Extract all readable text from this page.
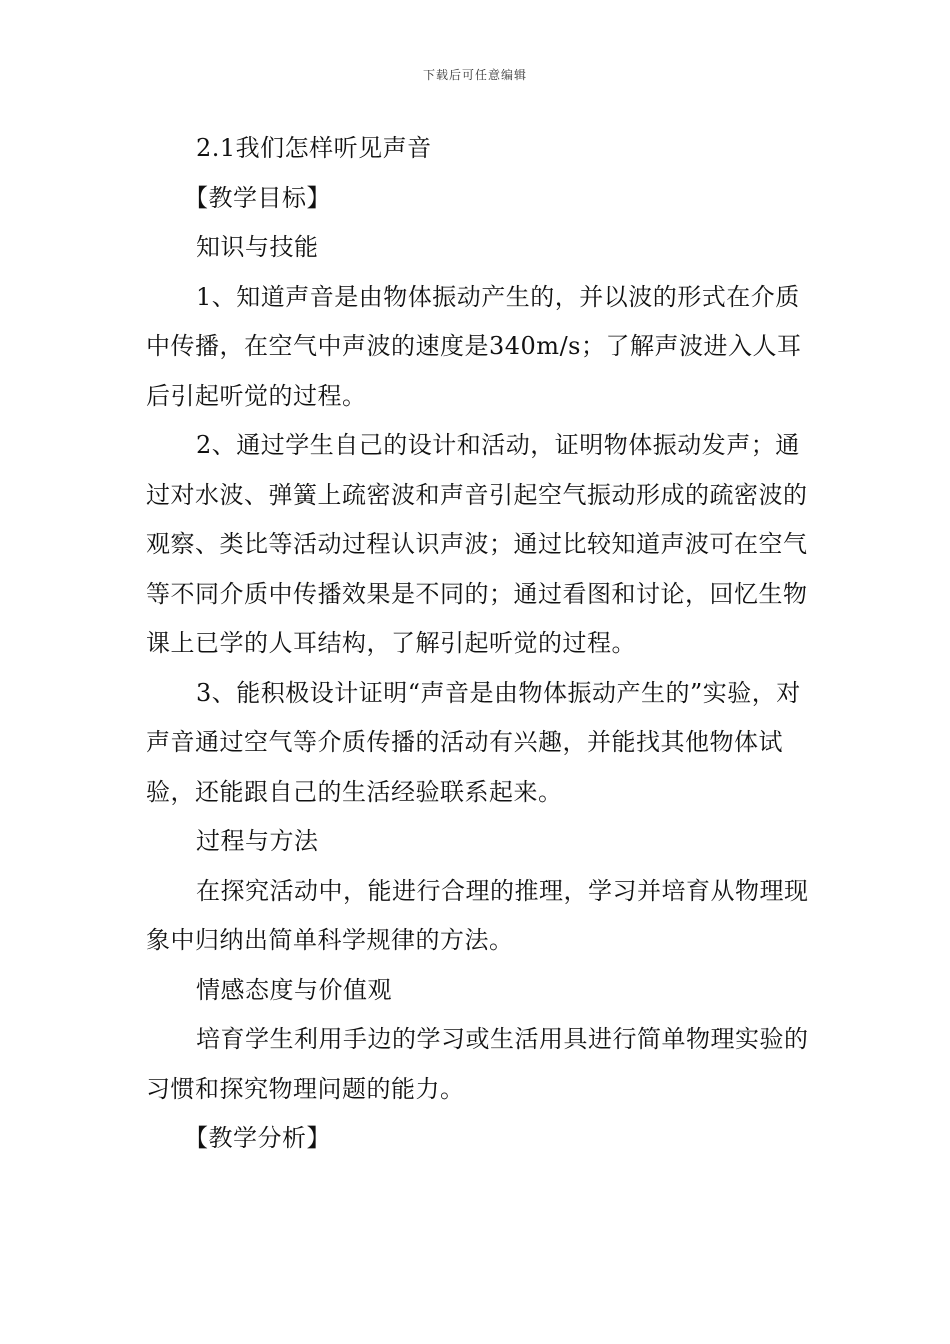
下载后可任意编辑

2.1我们怎样听见声音

【教学目标】

知识与技能

1、知道声音是由物体振动产生的，并以波的形式在介质中传播，在空气中声波的速度是340m/s；了解声波进入人耳后引起听觉的过程。

2、通过学生自己的设计和活动，证明物体振动发声；通过对水波、弹簧上疏密波和声音引起空气振动形成的疏密波的观察、类比等活动过程认识声波；通过比较知道声波可在空气等不同介质中传播效果是不同的；通过看图和讨论，回忆生物课上已学的人耳结构，了解引起听觉的过程。

3、能积极设计证明“声音是由物体振动产生的”实验，对声音通过空气等介质传播的活动有兴趣，并能找其他物体试验，还能跟自己的生活经验联系起来。

过程与方法

在探究活动中，能进行合理的推理，学习并培育从物理现象中归纳出简单科学规律的方法。

情感态度与价值观

培育学生利用手边的学习或生活用具进行简单物理实验的习惯和探究物理问题的能力。

【教学分析】
